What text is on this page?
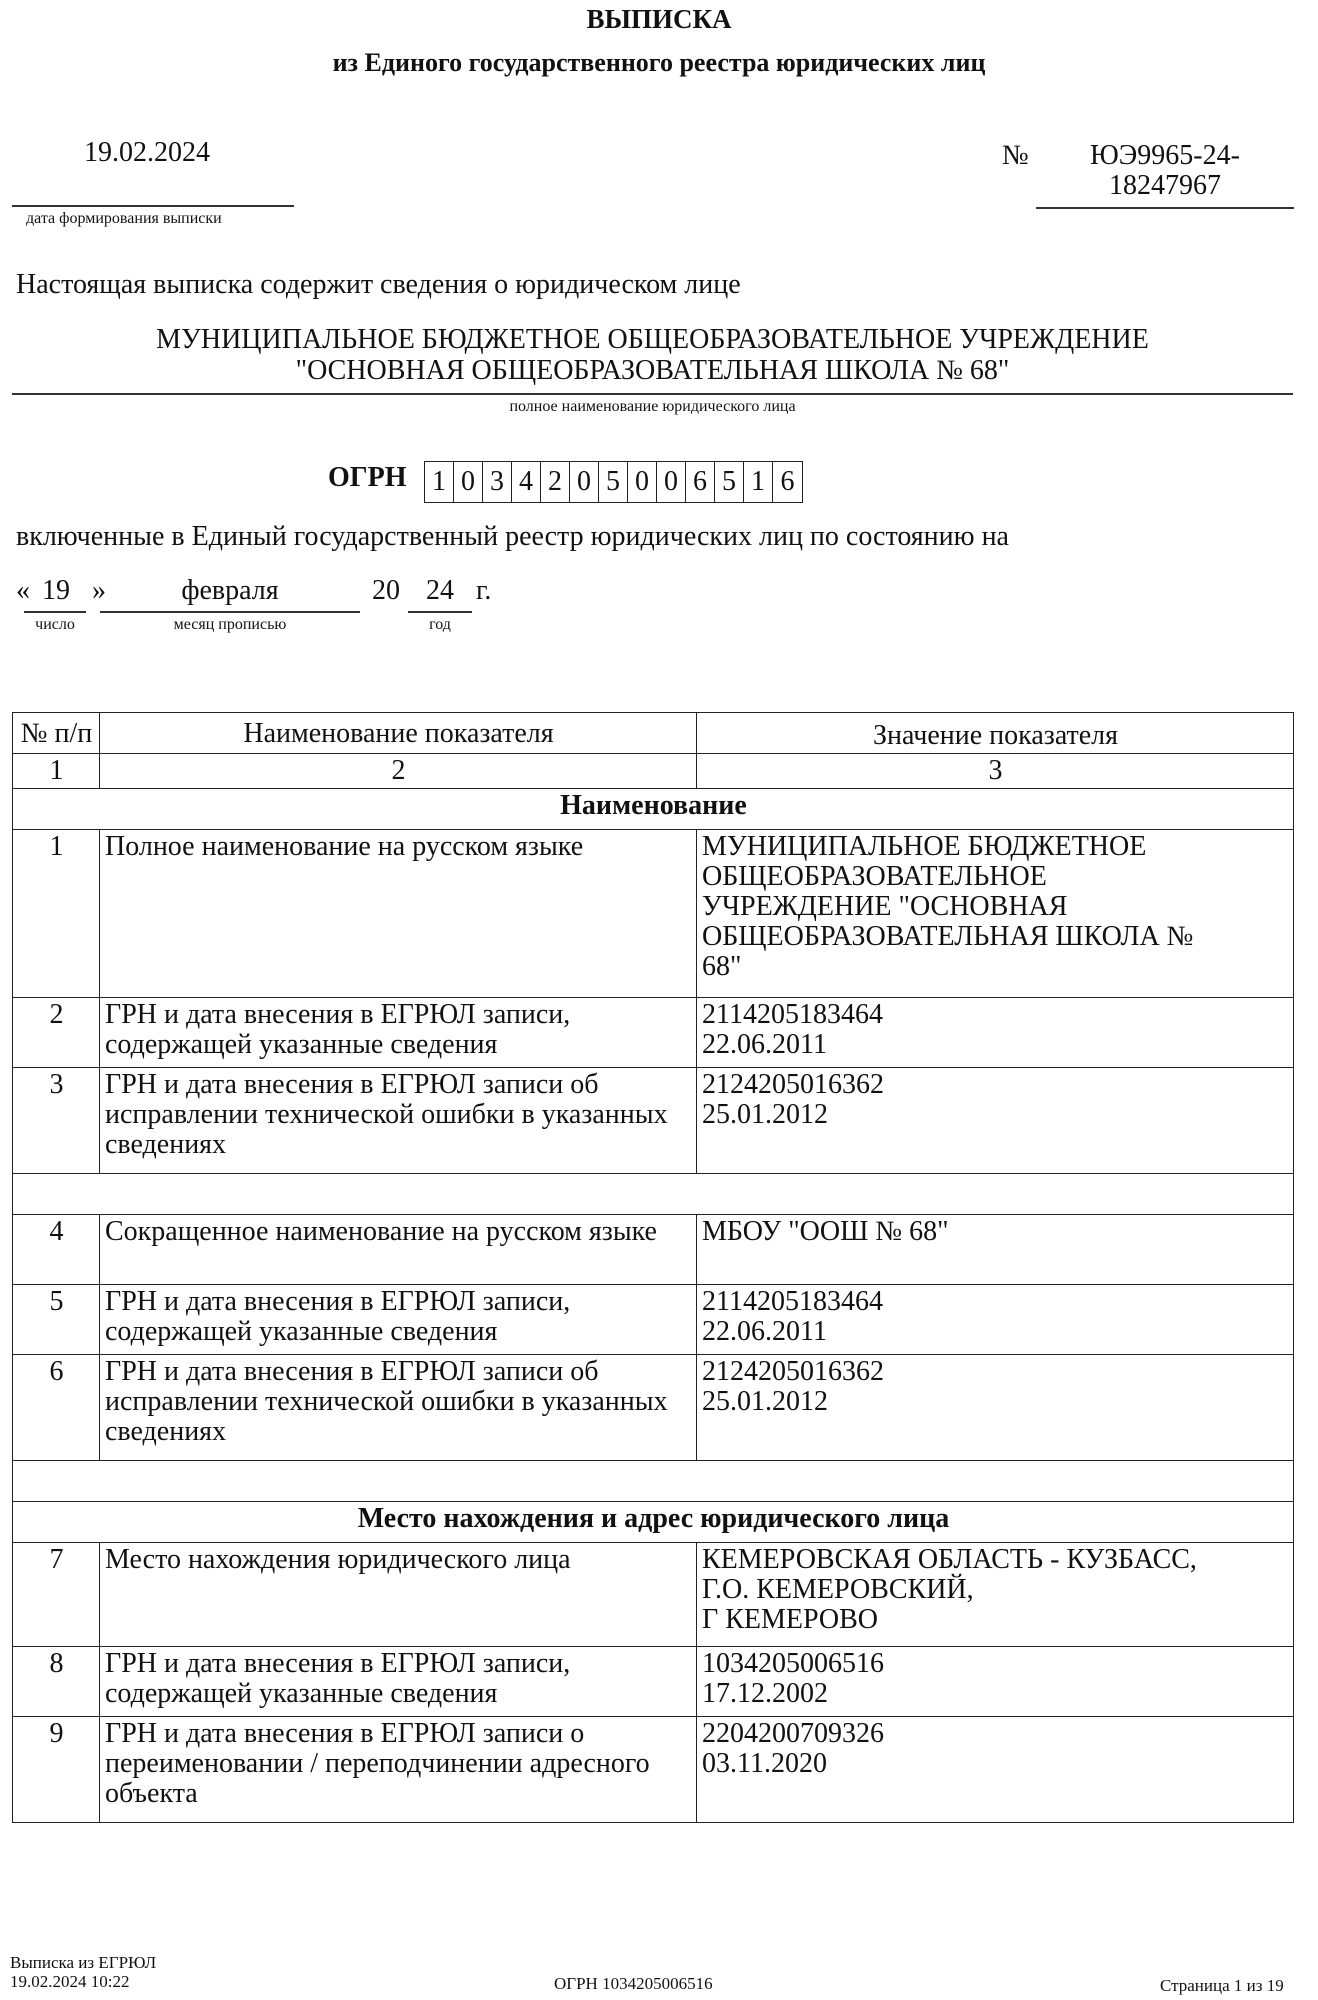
ВЫПИСКА
из Единого государственного реестра юридических лиц
19.02.2024
дата формирования выписки
№	ЮЭ9965-24-
18247967
Настоящая выписка содержит сведения о юридическом лице
МУНИЦИПАЛЬНОЕ БЮДЖЕТНОЕ ОБЩЕОБРАЗОВАТЕЛЬНОЕ УЧРЕЖДЕНИЕ
"ОСНОВНАЯ ОБЩЕОБРАЗОВАТЕЛЬНАЯ ШКОЛА № 68"
полное наименование юридического лица
ОГРН 1 0 3 4 2 0 5 0 0 6 5 1 6
включенные в Единый государственный реестр юридических лиц по состоянию на
« 19 »	февраля	20 24 г.
число	месяц прописью	год
№ п/п	Наименование показателя	Значение показателя
1	2	3
Наименование		
1	Полное наименование на русском языке	МУНИЦИПАЛЬНОЕ БЮДЖЕТНОЕ
ОБЩЕОБРАЗОВАТЕЛЬНОЕ
УЧРЕЖДЕНИЕ "ОСНОВНАЯ
ОБЩЕОБРАЗОВАТЕЛЬНАЯ ШКОЛА №
68"

2	ГРН и дата внесения в ЕГРЮЛ записи, содержащей указанные сведения	2114205183464
22.06.2011

3	ГРН и дата внесения в ЕГРЮЛ записи об исправлении технической ошибки в указанных сведениях	2124205016362
25.01.2012

4	Сокращенное наименование на русском языке	МБОУ "ООШ № 68"

5	ГРН и дата внесения в ЕГРЮЛ записи, содержащей указанные сведения	2114205183464
22.06.2011

6	ГРН и дата внесения в ЕГРЮЛ записи об исправлении технической ошибки в указанных сведениях	2124205016362
25.01.2012

Место нахождения и адрес юридического лица		
7	Место нахождения юридического лица	КЕМЕРОВСКАЯ ОБЛАСТЬ - КУЗБАСС,
Г.О. КЕМЕРОВСКИЙ,
Г КЕМЕРОВО

8	ГРН и дата внесения в ЕГРЮЛ записи, содержащей указанные сведения	1034205006516
17.12.2002

9	ГРН и дата внесения в ЕГРЮЛ записи о переименовании / переподчинении адресного объекта	2204200709326
03.11.2020
Выписка из ЕГРЮЛ
19.02.2024 10:22	ОГРН 1034205006516	Страница 1 из 19
